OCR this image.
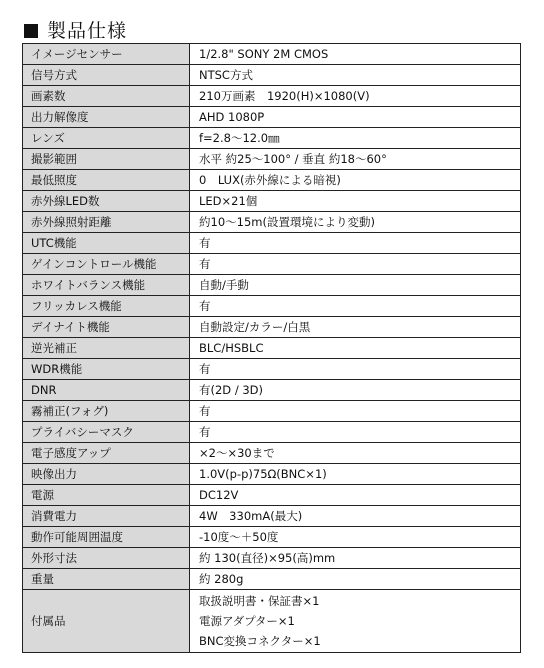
製品仕様
イメージセンサー	1/2.8" SONY 2M CMOS
信号方式	NTSC方式
画素数	210万画素　1920(H)×1080(V)
出力解像度	AHD 1080P
レンズ	f=2.8～12.0㎜
撮影範囲	水平 約25～100° / 垂直 約18～60°
最低照度	0　LUX(赤外線による暗視)
赤外線LED数	LED×21個
赤外線照射距離	約10～15m(設置環境により変動)
UTC機能	有
ゲインコントロール機能	有
ホワイトバランス機能	自動/手動
フリッカレス機能	有
デイナイト機能	自動設定/カラー/白黒
逆光補正	BLC/HSBLC
WDR機能	有
DNR	有(2D / 3D)
霧補正(フォグ)	有
プライバシーマスク	有
電子感度アップ	×2～×30まで
映像出力	1.0V(p-p)75Ω(BNC×1)
電源	DC12V
消費電力	4W　330mA(最大)
動作可能周囲温度	-10度～＋50度
外形寸法	約 130(直径)×95(高)mm
重量	約 280g
付属品	取扱説明書・保証書×1
電源アダプター×1
BNC変換コネクター×1
